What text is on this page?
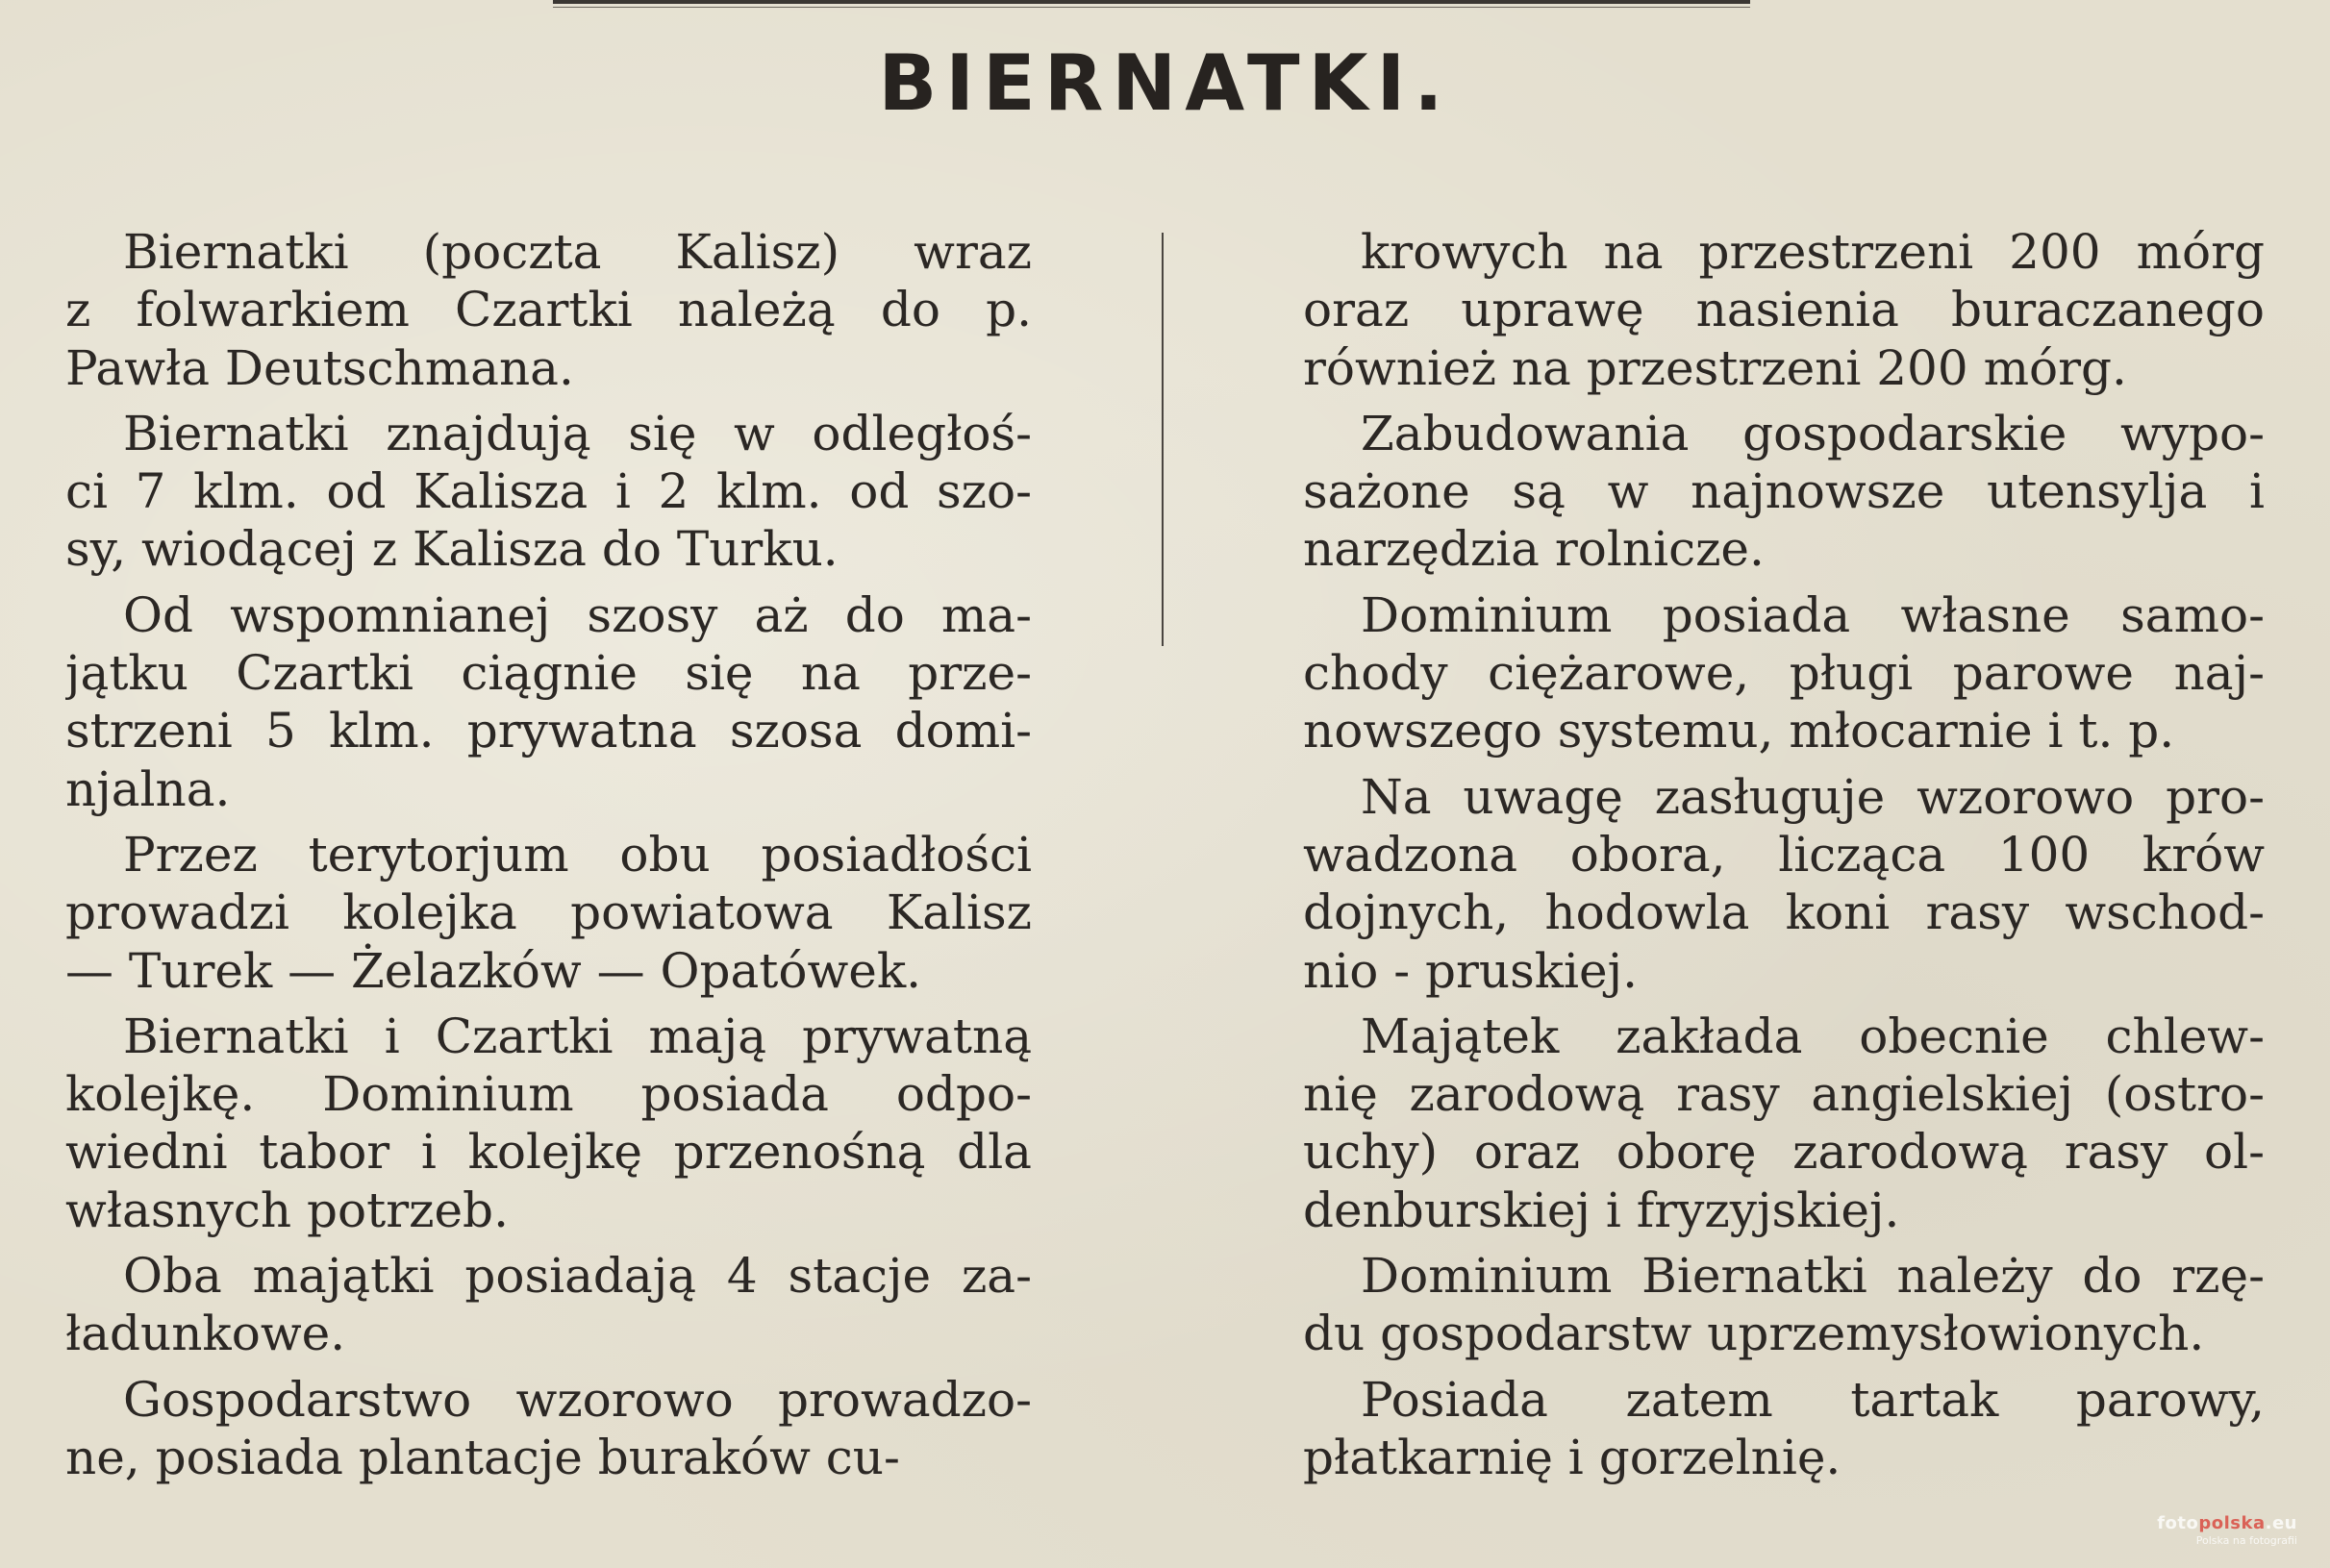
BIERNATKI.
Biernatki (poczta Kalisz) wraz
z folwarkiem Czartki należą do p.
Pawła Deutschmana.
Biernatki znajdują się w odległoś-
ci 7 klm. od Kalisza i 2 klm. od szo-
sy, wiodącej z Kalisza do Turku.
Od wspomnianej szosy aż do ma-
jątku Czartki ciągnie się na prze-
strzeni 5 klm. prywatna szosa domi-
njalna.
Przez terytorjum obu posiadłości
prowadzi kolejka powiatowa Kalisz
— Turek — Żelazków — Opatówek.
Biernatki i Czartki mają prywatną
kolejkę. Dominium posiada odpo-
wiedni tabor i kolejkę przenośną dla
własnych potrzeb.
Oba majątki posiadają 4 stacje za-
ładunkowe.
Gospodarstwo wzorowo prowadzo-
ne, posiada plantacje buraków cu-
krowych na przestrzeni 200 mórg
oraz uprawę nasienia buraczanego
również na przestrzeni 200 mórg.
Zabudowania gospodarskie wypo-
sażone są w najnowsze utensylja i
narzędzia rolnicze.
Dominium posiada własne samo-
chody ciężarowe, pługi parowe naj-
nowszego systemu, młocarnie i t. p.
Na uwagę zasługuje wzorowo pro-
wadzona obora, licząca 100 krów
dojnych, hodowla koni rasy wschod-
nio - pruskiej.
Majątek zakłada obecnie chlew-
nię zarodową rasy angielskiej (ostro-
uchy) oraz oborę zarodową rasy ol-
denburskiej i fryzyjskiej.
Dominium Biernatki należy do rzę-
du gospodarstw uprzemysłowionych.
Posiada zatem tartak parowy,
płatkarnię i gorzelnię.
fotopolska.eu
Polska na fotografii
